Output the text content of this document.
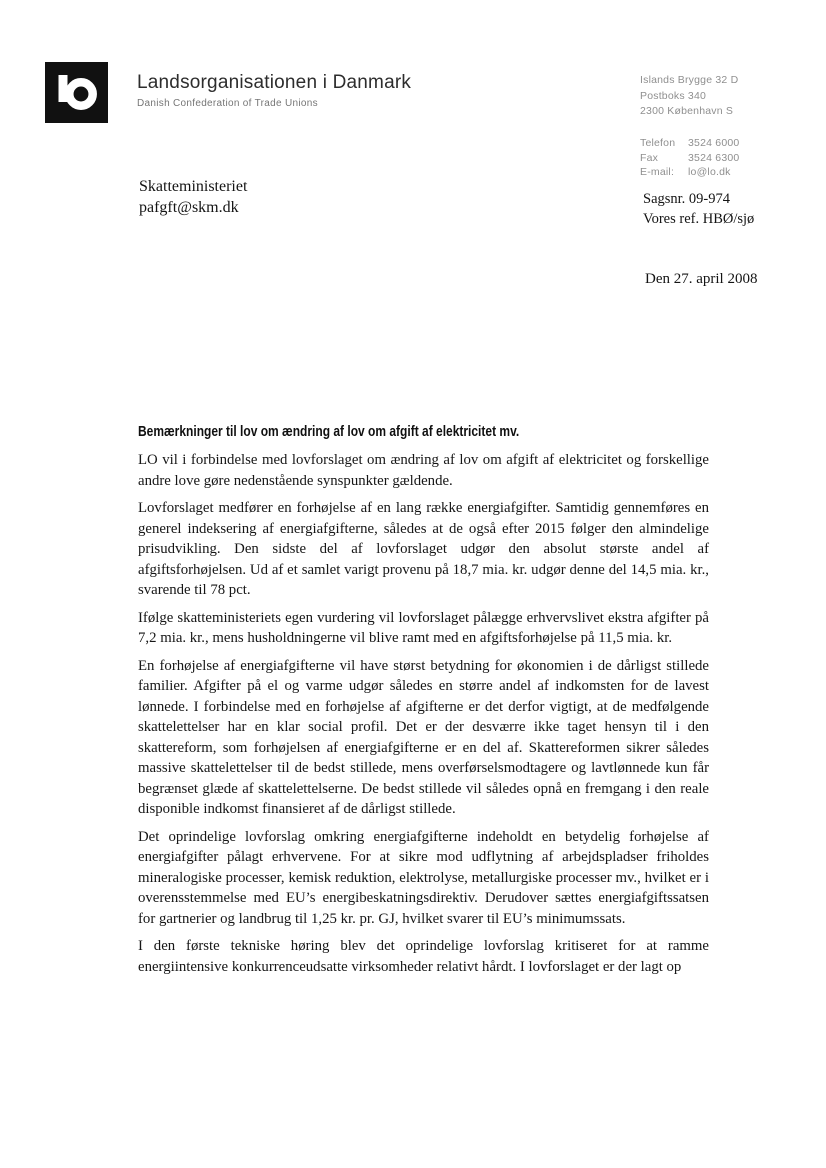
Landsorganisationen i Danmark
Danish Confederation of Trade Unions
Islands Brygge 32 D
Postboks 340
2300 København S
Telefon 3524 6000
Fax	3524 6300
E-mail: lo@lo.dk
Skatteministeriet
pafgft@skm.dk	Sagsnr. 09-974
Vores ref. HBØ/sjø
Den 27. april 2008
Bemærkninger til lov om ændring af lov om afgift af elektricitet mv.

LO vil i forbindelse med lovforslaget om ændring af lov om afgift af elektricitet og forskellige andre love gøre nedenstående synspunkter gældende.

Lovforslaget medfører en forhøjelse af en lang række energiafgifter. Samtidig gennemføres en generel indeksering af energiafgifterne, således at de også efter 2015 følger den almindelige prisudvikling. Den sidste del af lovforslaget udgør den absolut største andel af afgiftsforhøjelsen. Ud af et samlet varigt provenu på 18,7 mia. kr. udgør denne del 14,5 mia. kr., svarende til 78 pct.

Ifølge skatteministeriets egen vurdering vil lovforslaget pålægge erhvervslivet ekstra afgifter på 7,2 mia. kr., mens husholdningerne vil blive ramt med en afgiftsforhøjelse på 11,5 mia. kr.

En forhøjelse af energiafgifterne vil have størst betydning for økonomien i de dårligst stillede familier. Afgifter på el og varme udgør således en større andel af indkomsten for de lavest lønnede. I forbindelse med en forhøjelse af afgifterne er det derfor vigtigt, at de medfølgende skattelettelser har en klar social profil. Det er der desværre ikke taget hensyn til i den skattereform, som forhøjelsen af energiafgifterne er en del af. Skattereformen sikrer således massive skattelettelser til de bedst stillede, mens overførselsmodtagere og lavtlønnede kun får begrænset glæde af skattelettelserne. De bedst stillede vil således opnå en fremgang i den reale disponible indkomst finansieret af de dårligst stillede.

Det oprindelige lovforslag omkring energiafgifterne indeholdt en betydelig forhøjelse af energiafgifter pålagt erhvervene. For at sikre mod udflytning af arbejdspladser friholdes mineralogiske processer, kemisk reduktion, elektrolyse, metallurgiske processer mv., hvilket er i overensstemmelse med EU’s energibeskatningsdirektiv. Derudover sættes energiafgiftssatsen for gartnerier og landbrug til 1,25 kr. pr. GJ, hvilket svarer til EU’s minimumssats.

I den første tekniske høring blev det oprindelige lovforslag kritiseret for at ramme energiintensive konkurrenceudsatte virksomheder relativt hårdt. I lovforslaget er der lagt op
